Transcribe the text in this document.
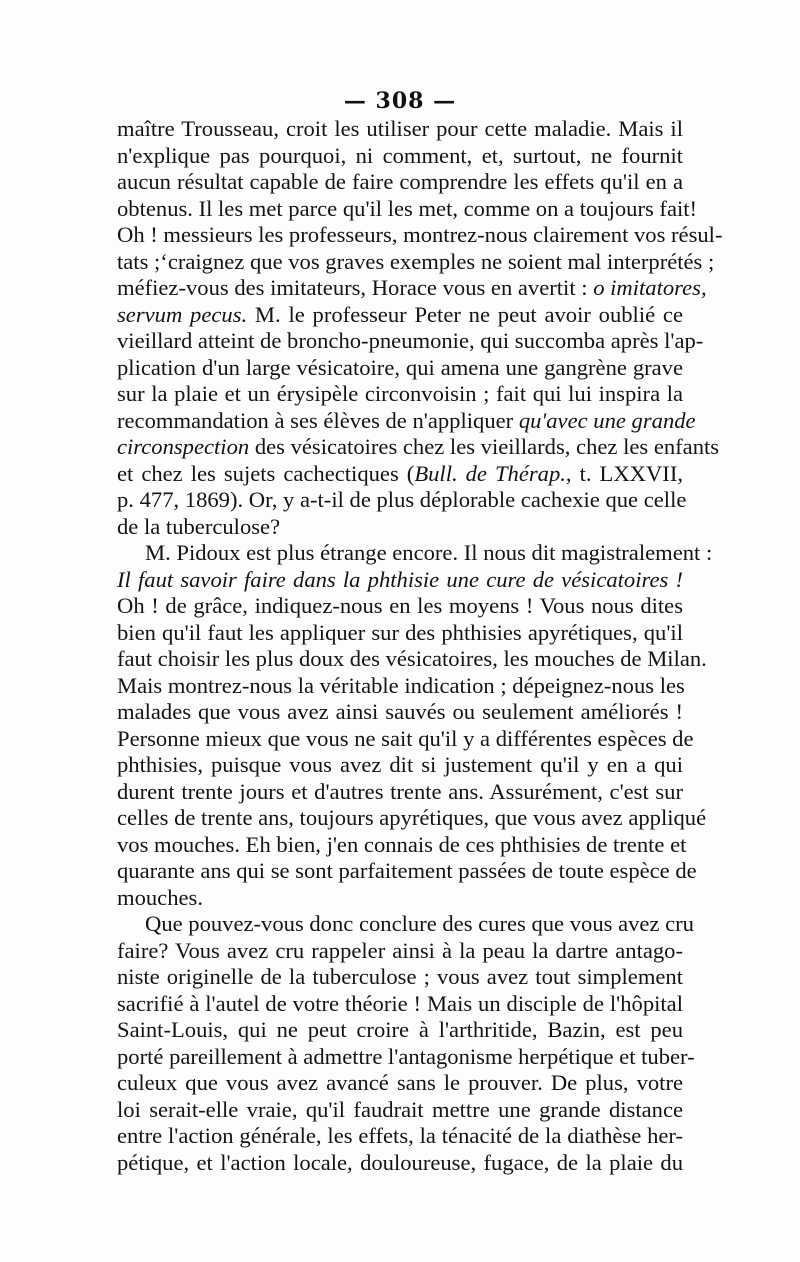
— 308 —
maître Trousseau, croit les utiliser pour cette maladie. Mais il
n'explique pas pourquoi, ni comment, et, surtout, ne fournit
aucun résultat capable de faire comprendre les effets qu'il en a
obtenus. Il les met parce qu'il les met, comme on a toujours fait!
Oh ! messieurs les professeurs, montrez-nous clairement vos résul-
tats ;ʻcraignez que vos graves exemples ne soient mal interprétés ;
méfiez-vous des imitateurs, Horace vous en avertit : o imitatores,
servum pecus. M. le professeur Peter ne peut avoir oublié ce
vieillard atteint de broncho-pneumonie, qui succomba après l'ap-
plication d'un large vésicatoire, qui amena une gangrène grave
sur la plaie et un érysipèle circonvoisin ; fait qui lui inspira la
recommandation à ses élèves de n'appliquer qu'avec une grande
circonspection des vésicatoires chez les vieillards, chez les enfants
et chez les sujets cachectiques (Bull. de Thérap., t. LXXVII,
p. 477, 1869). Or, y a-t-il de plus déplorable cachexie que celle
de la tuberculose?
M. Pidoux est plus étrange encore. Il nous dit magistralement :
Il faut savoir faire dans la phthisie une cure de vésicatoires !
Oh ! de grâce, indiquez-nous en les moyens ! Vous nous dites
bien qu'il faut les appliquer sur des phthisies apyrétiques, qu'il
faut choisir les plus doux des vésicatoires, les mouches de Milan.
Mais montrez-nous la véritable indication ; dépeignez-nous les
malades que vous avez ainsi sauvés ou seulement améliorés !
Personne mieux que vous ne sait qu'il y a différentes espèces de
phthisies, puisque vous avez dit si justement qu'il y en a qui
durent trente jours et d'autres trente ans. Assurément, c'est sur
celles de trente ans, toujours apyrétiques, que vous avez appliqué
vos mouches. Eh bien, j'en connais de ces phthisies de trente et
quarante ans qui se sont parfaitement passées de toute espèce de
mouches.
Que pouvez-vous donc conclure des cures que vous avez cru
faire? Vous avez cru rappeler ainsi à la peau la dartre antago-
niste originelle de la tuberculose ; vous avez tout simplement
sacrifié à l'autel de votre théorie ! Mais un disciple de l'hôpital
Saint-Louis, qui ne peut croire à l'arthritide, Bazin, est peu
porté pareillement à admettre l'antagonisme herpétique et tuber-
culeux que vous avez avancé sans le prouver. De plus, votre
loi serait-elle vraie, qu'il faudrait mettre une grande distance
entre l'action générale, les effets, la ténacité de la diathèse her-
pétique, et l'action locale, douloureuse, fugace, de la plaie du
